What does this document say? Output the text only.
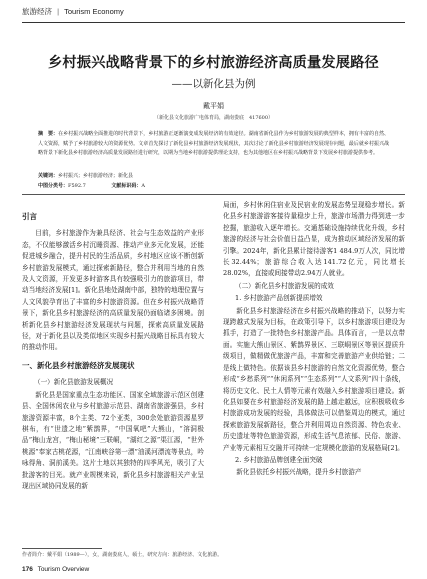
旅游经济 | Tourism Economy
乡村振兴战略背景下的乡村旅游经济高质量发展路径
——以新化县为例
戴平娟
（新化县文化旅游广电体育局，湖南娄底　417600）
摘　要：在乡村振兴战略全面推进的时代背景下，乡村旅游正逐渐演变成发展经济的有效途径。湖南省新化县作为乡村旅游发展的典型样本，拥有丰富的自然、人文资源，赋予了乡村旅游较大的资源优势。文章首先探讨了新化县乡村旅游经济发展现状，其次讨论了新化县乡村旅游经济发展现存问题，最后就乡村振兴战略背景下新化县乡村旅游经济高质量发展路径进行研究，以期为当地乡村旅游提供理论支持，也为其他地区在乡村振兴战略背景下发展乡村旅游提供参考。
关键词：乡村振兴；乡村旅游经济；新化县
中图分类号：F592.7	文献标识码：A
引言

目前，乡村旅游作为兼具经济、社会与生态效益的产业形态，不仅能够激活乡村沉睡资源、推动产业多元化发展，还能促进城乡融合，提升村民的生活品质，乡村地区应该不断创新乡村旅游发展模式，通过探索新路径，整合并利用当地的自然及人文资源，开发更多时游客具有较强吸引力的旅游项目，带动当地经济发展[1]。新化县地处湖南中部，独特的地理位置与人文风貌孕育出了丰富的乡村旅游资源。但在乡村振兴战略背景下，新化县乡村旅游经济的高质量发展仍面临诸多困境。剖析新化县乡村旅游经济发展现状与问题，探索高质量发展路径，对于新化县以及类似地区实现乡村振兴战略目标具有较大的推动作用。

一、新化县乡村旅游经济发展现状
（一）新化县旅游发展概况

新化县是国家重点生态功能区、国家全域旅游示范区创建县、全国休闲农业与乡村旅游示范县、湖南省旅游强县，乡村旅游资源丰富，8个主类、72个亚类，300余处旅游资源星罗棋布，有“世遗之地”紫鹊界，“中国氧吧”大熊山，“溶洞极品”梅山龙宫，“梅山秘境”三联峒，“湖红之源”渠江源，“世外桃源”奉家古桃花源，“江南峡谷第一漂”油溪河漂流等景点，吟咏得角、洞前溪美。这片土地以其独特的四季风光，吸引了大批游客的目光。就产业规模来说，新化县乡村旅游相关产业呈现出区域协同发展的新

局面，乡村休闲住宿业及民宿业的发展态势呈现稳步增长。新化县乡村旅游游客接待量稳步上升，旅游市场潜力得到进一步挖掘，旅游收入逐年增长。交通基础设施持续优化升级，乡村旅游的经济与社会价值日益凸显，成为推动区域经济发展的新引擎。2024年，新化县累计接待游客1 484.9万人次，同比增长32.44%；旅游综合收入达141.72亿元，同比增长28.02%，直接或间接带动2.94万人就业。

（二）新化县乡村旅游发展的成效
1. 乡村旅游产品创新提质增效

新化县乡村旅游经济在乡村振兴战略的推动下，以努力实现跨越式发展为目标，在政策引导下，以乡村旅游项目建设为抓手，打造了一批特色乡村旅游产品。具体而言，一是以点带面。实施大熊山景区、紫鹊界景区、三联峒景区等景区提质升级项目，做精做优旅游产品，丰富和完善旅游产业供给链；二是线上做特色。依据该县乡村旅游的自然文化资源优势，整合形成“乡愁系列”“休闲系列”“生态系列”“人文系列”四十条线，将历史文化、民土人情等元素有效融入乡村旅游项目建设。新化县如要在乡村旅游经济发展的路上越走越远，应积极吸收乡村旅游成功发展的经验，具体做法可以借鉴周边的模式，通过探索旅游发展新路径，整合并利用周边自然资源、特色农业、历史遗址等特色旅游资源，形成生活气息浓郁、民俗、旅游、产业等元素相互交融并可持续一定规模化旅游的发展格局[2]。

2. 乡村旅游品牌创建全面突破

新化县依托乡村振兴战略，提升乡村旅游产

作者简介：戴平娟（1989—），女，湖南娄底人，硕士，研究方向：旅游经济、文化旅游。
176 Tourism Overview
